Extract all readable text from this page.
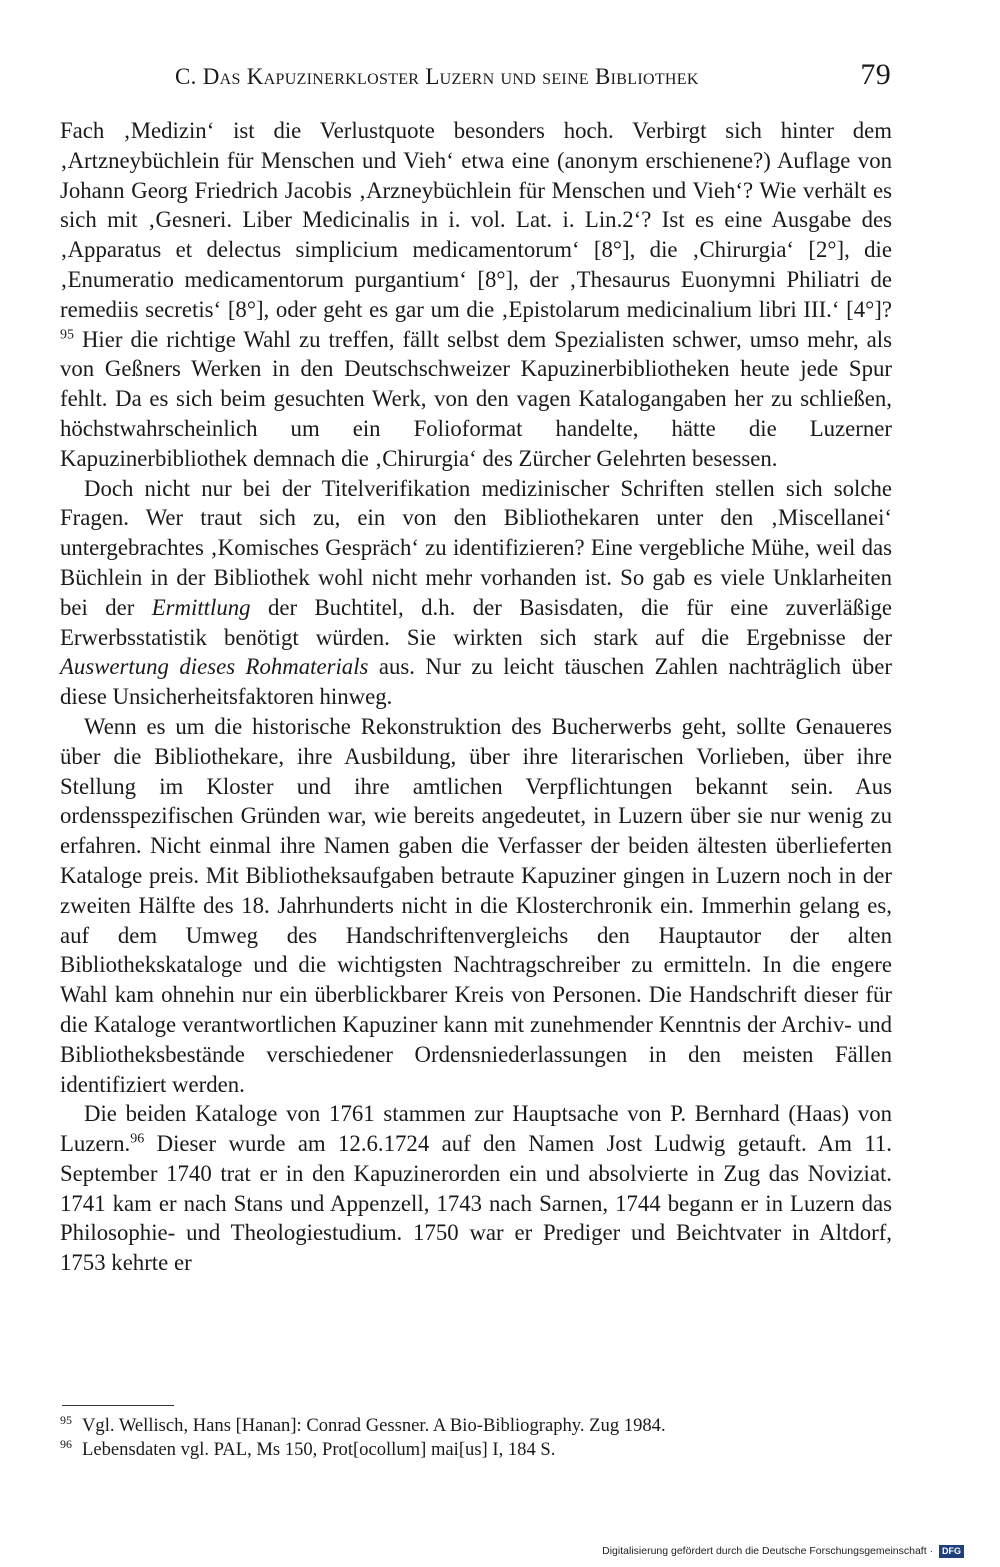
C. Das Kapuzinerkloster Luzern und seine Bibliothek	79

Fach ‚Medizin‘ ist die Verlustquote besonders hoch. Verbirgt sich hinter dem ‚Artzneybüchlein für Menschen und Vieh‘ etwa eine (anonym erschienene?) Auflage von Johann Georg Friedrich Jacobis ‚Arzneybüchlein für Menschen und Vieh‘? Wie verhält es sich mit ‚Gesneri. Liber Medicinalis in i. vol. Lat. i. Lin.2‘? Ist es eine Ausgabe des ‚Apparatus et delectus simplicium medicamentorum‘ [8°], die ‚Chirurgia‘ [2°], die ‚Enumeratio medicamentorum purgantium‘ [8°], der ‚Thesaurus Euonymni Philiatri de remediis secretis‘ [8°], oder geht es gar um die ‚Epistolarum medicinalium libri III.‘ [4°]?$^{95}$ Hier die richtige Wahl zu treffen, fällt selbst dem Spezialisten schwer, umso mehr, als von Geßners Werken in den Deutschschweizer Kapuzinerbibliotheken heute jede Spur fehlt. Da es sich beim gesuchten Werk, von den vagen Katalogangaben her zu schließen, höchstwahrscheinlich um ein Folioformat handelte, hätte die Luzerner Kapuzinerbibliothek demnach die ‚Chirurgia‘ des Zürcher Gelehrten besessen.

Doch nicht nur bei der Titelverifikation medizinischer Schriften stellen sich solche Fragen. Wer traut sich zu, ein von den Bibliothekaren unter den ‚Miscellanei‘ untergebrachtes ‚Komisches Gespräch‘ zu identifizieren? Eine vergebliche Mühe, weil das Büchlein in der Bibliothek wohl nicht mehr vorhanden ist. So gab es viele Unklarheiten bei der Ermittlung der Buchtitel, d.h. der Basisdaten, die für eine zuverläßige Erwerbsstatistik benötigt würden. Sie wirkten sich stark auf die Ergebnisse der Auswertung dieses Rohmaterials aus. Nur zu leicht täuschen Zahlen nachträglich über diese Unsicherheitsfaktoren hinweg.

Wenn es um die historische Rekonstruktion des Bucherwerbs geht, sollte Genaueres über die Bibliothekare, ihre Ausbildung, über ihre literarischen Vorlieben, über ihre Stellung im Kloster und ihre amtlichen Verpflichtungen bekannt sein. Aus ordensspezifischen Gründen war, wie bereits angedeutet, in Luzern über sie nur wenig zu erfahren. Nicht einmal ihre Namen gaben die Verfasser der beiden ältesten überlieferten Kataloge preis. Mit Bibliotheksaufgaben betraute Kapuziner gingen in Luzern noch in der zweiten Hälfte des 18. Jahrhunderts nicht in die Klosterchronik ein. Immerhin gelang es, auf dem Umweg des Handschriftenvergleichs den Hauptautor der alten Bibliothekskataloge und die wichtigsten Nachtragschreiber zu ermitteln. In die engere Wahl kam ohnehin nur ein überblickbarer Kreis von Personen. Die Handschrift dieser für die Kataloge verantwortlichen Kapuziner kann mit zunehmender Kenntnis der Archiv- und Bibliotheksbestände verschiedener Ordensniederlassungen in den meisten Fällen identifiziert werden.

Die beiden Kataloge von 1761 stammen zur Hauptsache von P. Bernhard (Haas) von Luzern.$^{96}$ Dieser wurde am 12.6.1724 auf den Namen Jost Ludwig getauft. Am 11. September 1740 trat er in den Kapuzinerorden ein und absolvierte in Zug das Noviziat. 1741 kam er nach Stans und Appenzell, 1743 nach Sarnen, 1744 begann er in Luzern das Philosophie- und Theologiestudium. 1750 war er Prediger und Beichtvater in Altdorf, 1753 kehrte er

$^{95}$ Vgl. Wellisch, Hans [Hanan]: Conrad Gessner. A Bio-Bibliography. Zug 1984.
$^{96}$ Lebensdaten vgl. PAL, Ms 150, Prot[ocollum] mai[us] I, 184 S.
Digitalisierung gefördert durch die Deutsche Forschungsgemeinschaft · DFG
